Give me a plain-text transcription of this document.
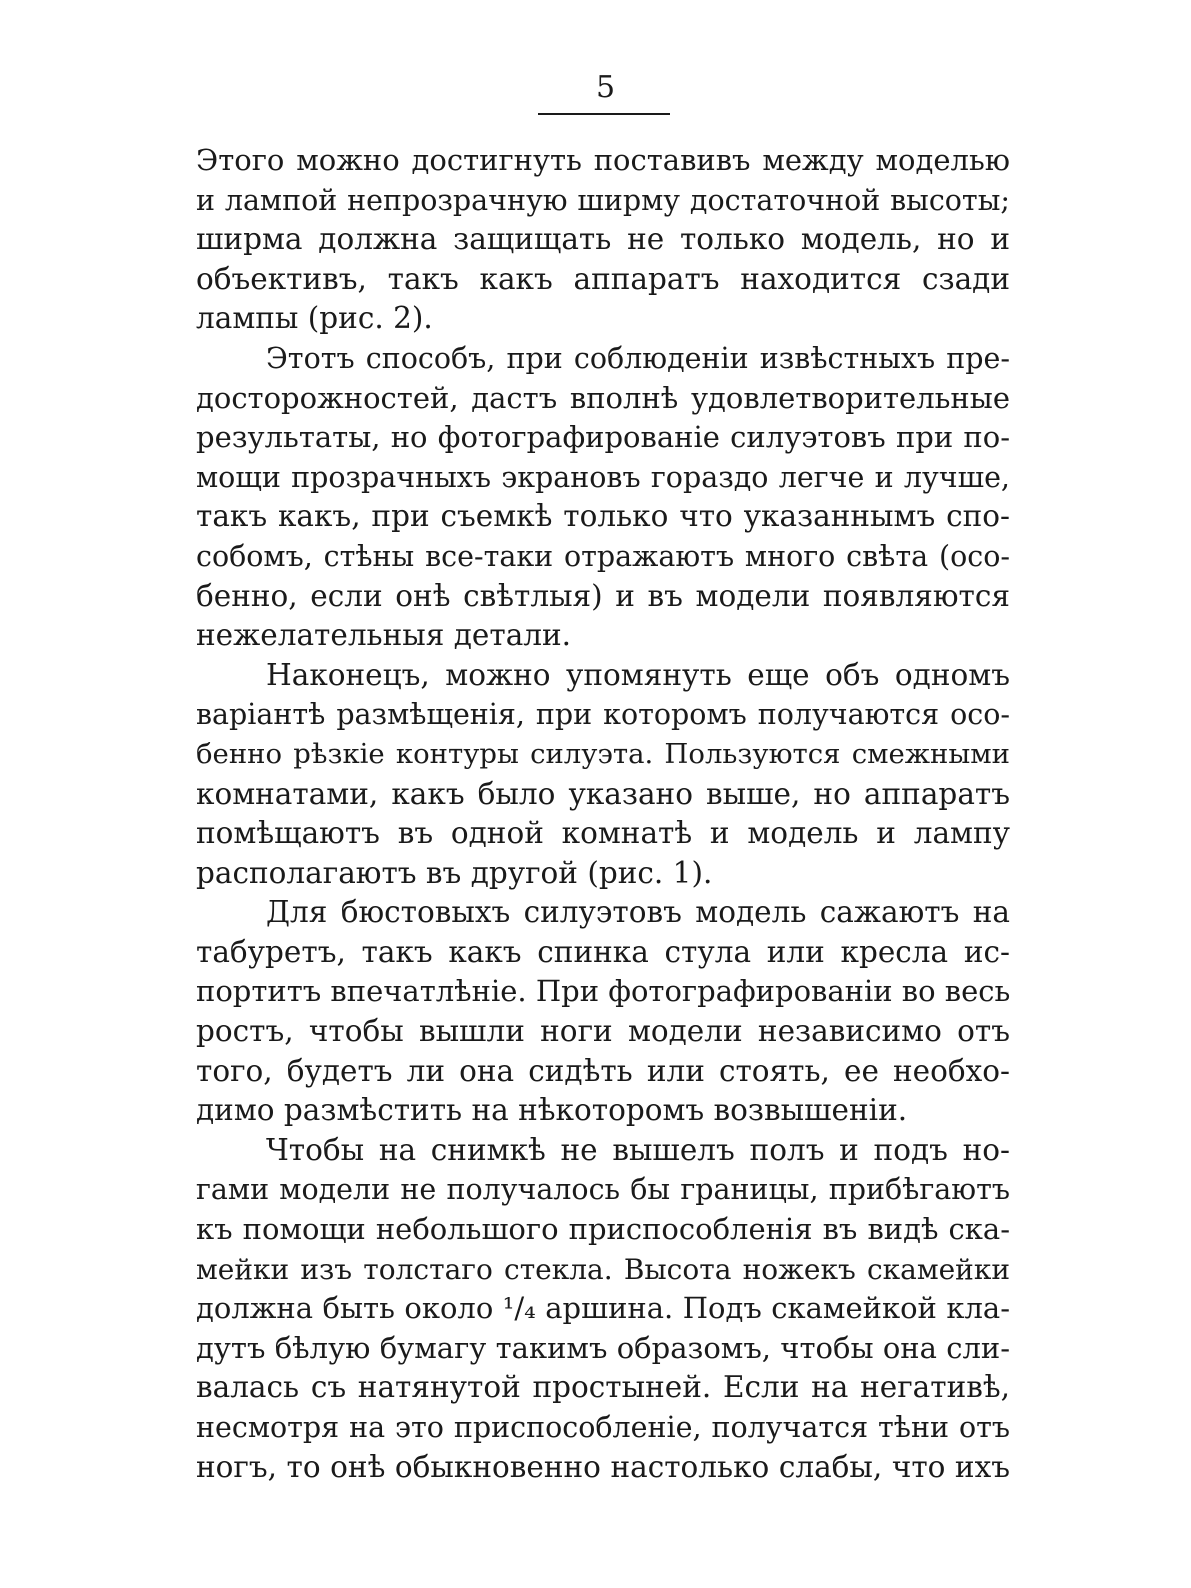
5
Этого можно достигнуть поставивъ между моделью
и лампой непрозрачную ширму достаточной высоты;
ширма должна защищать не только модель, но и
объективъ, такъ какъ аппаратъ находится сзади
лампы (рис. 2).
Этотъ способъ, при соблюденіи извѣстныхъ пре-
досторожностей, дастъ вполнѣ удовлетворительные
результаты, но фотографированіе силуэтовъ при по-
мощи прозрачныхъ экрановъ гораздо легче и лучше,
такъ какъ, при съемкѣ только что указаннымъ спо-
собомъ, стѣны все-таки отражаютъ много свѣта (осо-
бенно, если онѣ свѣтлыя) и въ модели появляются
нежелательныя детали.
Наконецъ, можно упомянуть еще объ одномъ
варіантѣ размѣщенія, при которомъ получаются осо-
бенно рѣзкіе контуры силуэта. Пользуются смежными
комнатами, какъ было указано выше, но аппаратъ
помѣщаютъ въ одной комнатѣ и модель и лампу
располагаютъ въ другой (рис. 1).
Для бюстовыхъ силуэтовъ модель сажаютъ на
табуретъ, такъ какъ спинка стула или кресла ис-
портитъ впечатлѣніе. При фотографированіи во весь
ростъ, чтобы вышли ноги модели независимо отъ
того, будетъ ли она сидѣть или стоять, ее необхо-
димо размѣстить на нѣкоторомъ возвышеніи.
Чтобы на снимкѣ не вышелъ полъ и подъ но-
гами модели не получалось бы границы, прибѣгаютъ
къ помощи небольшого приспособленія въ видѣ ска-
мейки изъ толстаго стекла. Высота ножекъ скамейки
должна быть около ¹/₄ аршина. Подъ скамейкой кла-
дутъ бѣлую бумагу такимъ образомъ, чтобы она сли-
валась съ натянутой простыней. Если на негативѣ,
несмотря на это приспособленіе, получатся тѣни отъ
ногъ, то онѣ обыкновенно настолько слабы, что ихъ
